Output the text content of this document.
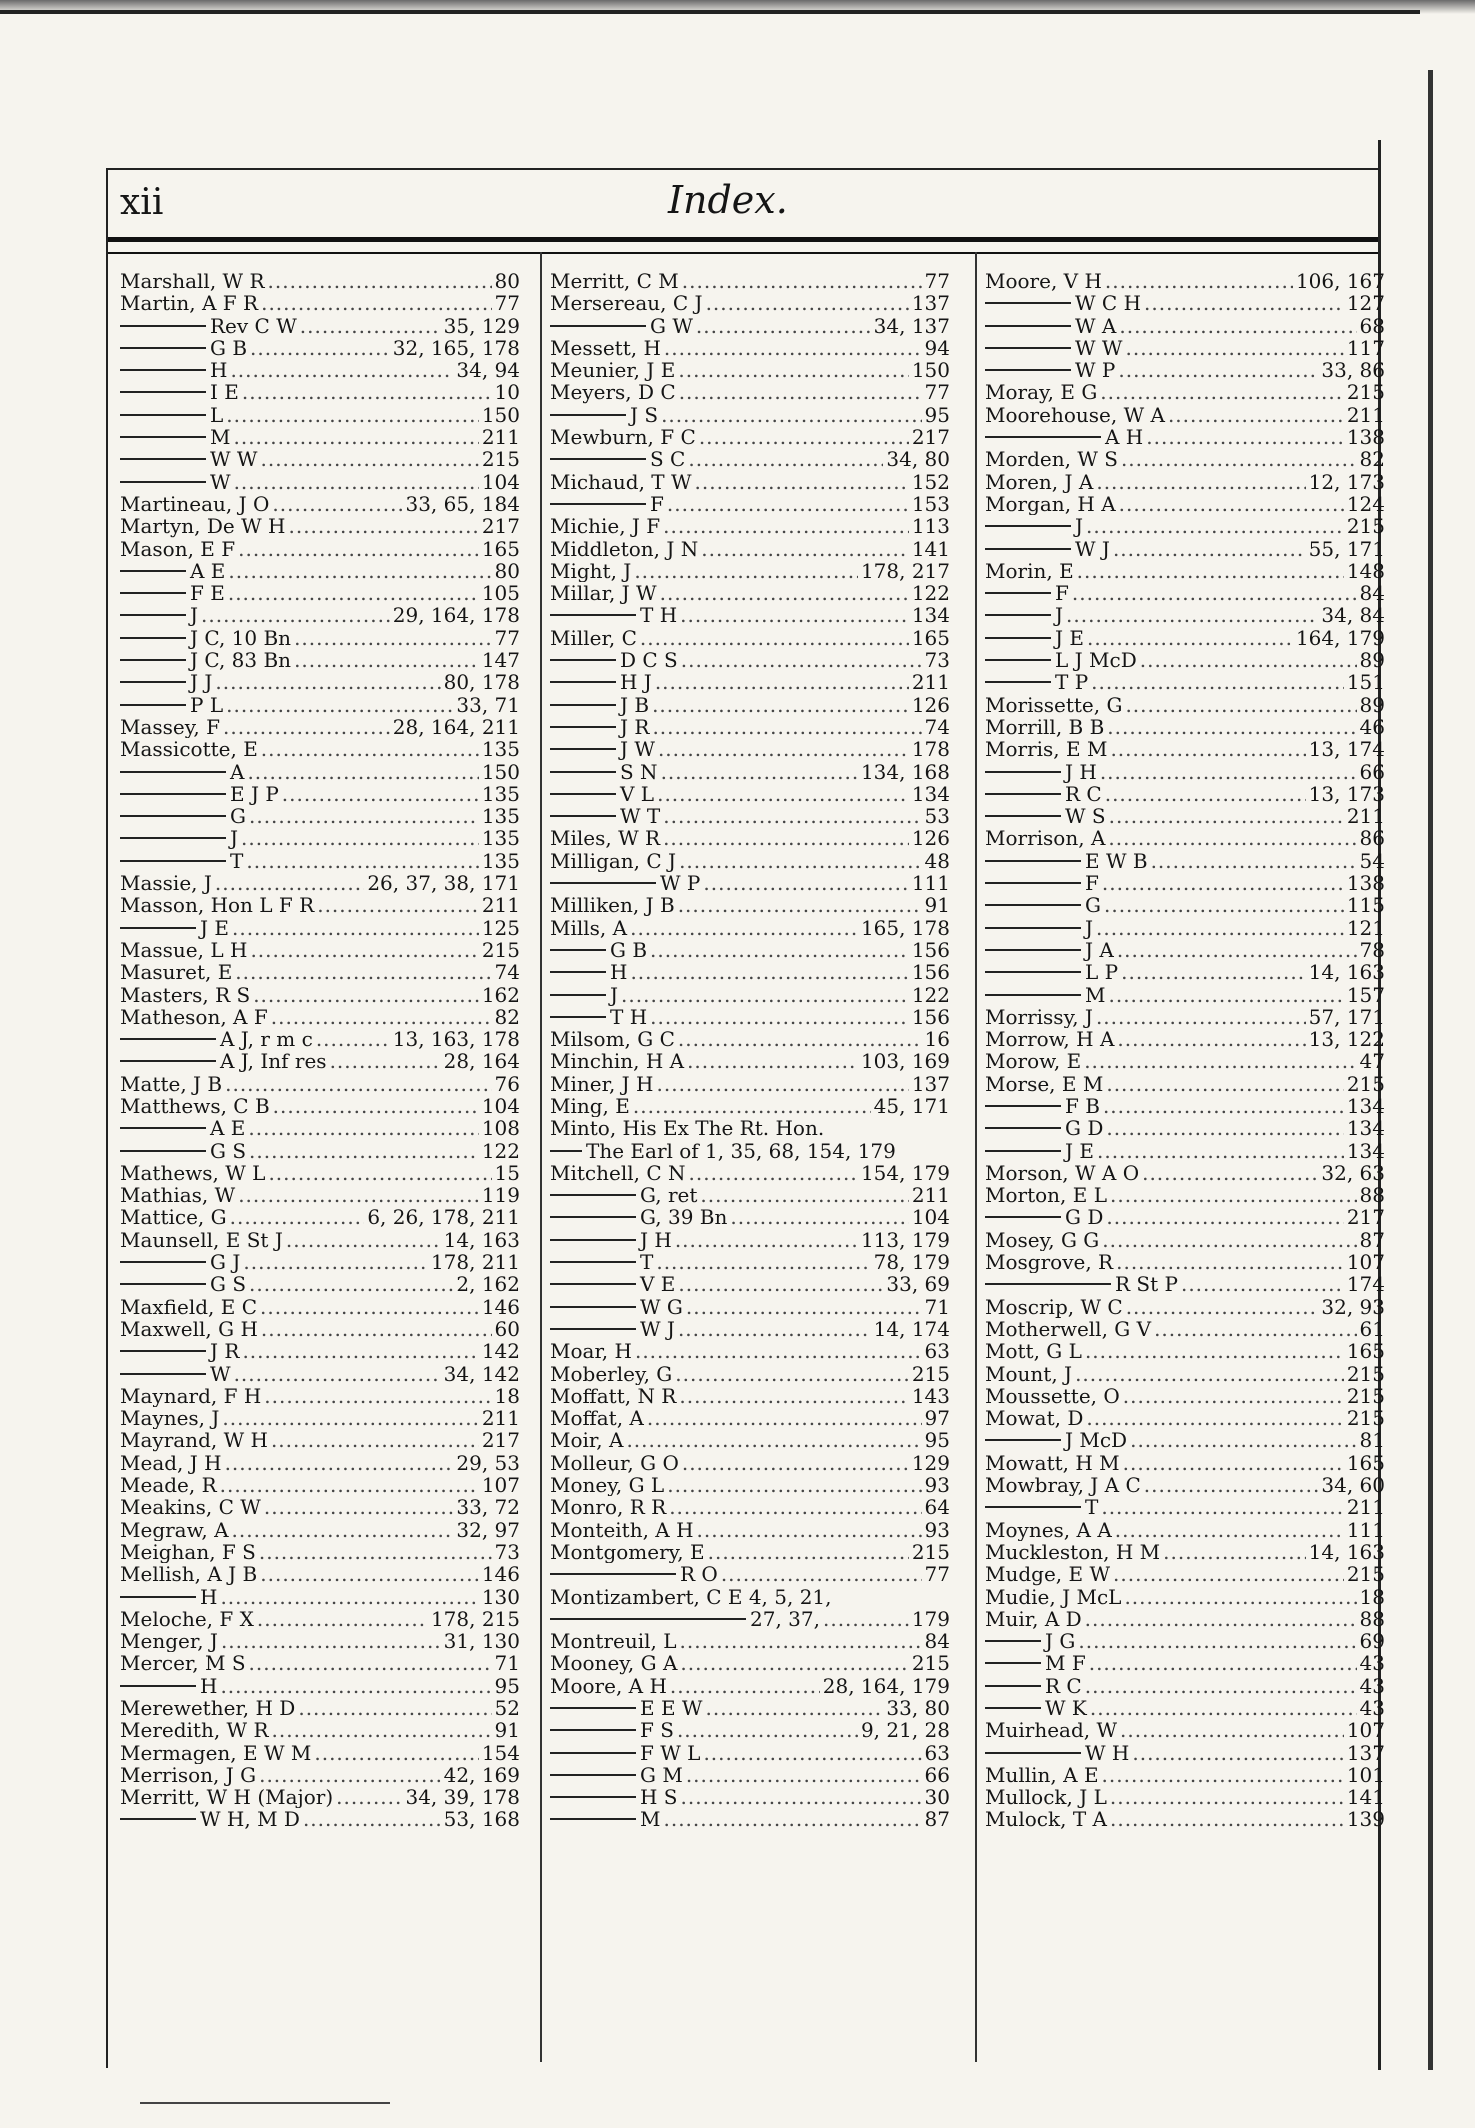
xii	Index.
Marshall, W R .....	80
Martin, A F R .....	77
Rev C W .....	35, 129
G B .....	32, 165, 178
H .....	34, 94
I E .....	10
L .....	150
M .....	211
W W .....	215
W .....	104
Martineau, J O .....	33, 65, 184
Martyn, De W H .....	217
Mason, E F .....	165
A E .....	80
F E .....	105
J .....	29, 164, 178
J C, 10 Bn .....	77
J C, 83 Bn .....	147
J J .....	80, 178
P L .....	33, 71
Massey, F .....	28, 164, 211
Massicotte, E .....	135
A .....	150
E J P .....	135
G .....	135
J .....	135
T .....	135
Massie, J .....	26, 37, 38, 171
Masson, Hon L F R .....	211
J E .....	125
Massue, L H .....	215
Masuret, E .....	74
Masters, R S .....	162
Matheson, A F .....	82
A J, r m c .....	13, 163, 178
A J, Inf res .....	28, 164
Matte, J B .....	76
Matthews, C B .....	104
A E .....	108
G S .....	122
Mathews, W L .....	15
Mathias, W .....	119
Mattice, G .....	6, 26, 178, 211
Maunsell, E St J .....	14, 163
G J .....	178, 211
G S .....	2, 162
Maxfield, E C .....	146
Maxwell, G H .....	60
J R .....	142
W .....	34, 142
Maynard, F H .....	18
Maynes, J .....	211
Mayrand, W H .....	217
Mead, J H .....	29, 53
Meade, R .....	107
Meakins, C W .....	33, 72
Megraw, A .....	32, 97
Meighan, F S .....	73
Mellish, A J B .....	146
H .....	130
Meloche, F X .....	178, 215
Menger, J .....	31, 130
Mercer, M S .....	71
H .....	95
Merewether, H D .....	52
Meredith, W R .....	91
Mermagen, E W M .....	154
Merrison, J G .....	42, 169
Merritt, W H (Major) .....	34, 39, 178
W H, M D .....	53, 168
Merritt, C M .....	77
Mersereau, C J .....	137
G W .....	34, 137
Messett, H .....	94
Meunier, J E .....	150
Meyers, D C .....	77
J S .....	95
Mewburn, F C .....	217
S C .....	34, 80
Michaud, T W .....	152
F .....	153
Michie, J F .....	113
Middleton, J N .....	141
Might, J .....	178, 217
Millar, J W .....	122
T H .....	134
Miller, C .....	165
D C S .....	73
H J .....	211
J B .....	126
J R .....	74
J W .....	178
S N .....	134, 168
V L .....	134
W T .....	53
Miles, W R .....	126
Milligan, C J .....	48
W P .....	111
Milliken, J B .....	91
Mills, A .....	165, 178
G B .....	156
H .....	156
J .....	122
T H .....	156
Milsom, G C .....	16
Minchin, H A .....	103, 169
Miner, J H .....	137
Ming, E .....	45, 171
Minto, His Ex The Rt. Hon.
The Earl of 1, 35, 68, 154, 179
Mitchell, C N .....	154, 179
G, ret .....	211
G, 39 Bn .....	104
J H .....	113, 179
T .....	78, 179
V E .....	33, 69
W G .....	71
W J .....	14, 174
Moar, H .....	63
Moberley, G .....	215
Moffatt, N R .....	143
Moffat, A .....	97
Moir, A .....	95
Molleur, G O .....	129
Money, G L .....	93
Monro, R R .....	64
Monteith, A H .....	93
Montgomery, E .....	215
R O .....	77
Montizambert, C E 4, 5, 21,
27, 37, .....	179
Montreuil, L .....	84
Mooney, G A .....	215
Moore, A H .....	28, 164, 179
E E W .....	33, 80
F S .....	9, 21, 28
F W L .....	63
G M .....	66
H S .....	30
M .....	87
Moore, V H .....	106, 167
W C H .....	127
W A .....	68
W W .....	117
W P .....	33, 86
Moray, E G .....	215
Moorehouse, W A .....	211
A H .....	138
Morden, W S .....	82
Moren, J A .....	12, 173
Morgan, H A .....	124
J .....	215
W J .....	55, 171
Morin, E .....	148
F .....	84
J .....	34, 84
J E .....	164, 179
L J McD .....	89
T P .....	151
Morissette, G .....	89
Morrill, B B .....	46
Morris, E M .....	13, 174
J H .....	66
R C .....	13, 173
W S .....	211
Morrison, A .....	86
E W B .....	54
F .....	138
G .....	115
J .....	121
J A .....	78
L P .....	14, 163
M .....	157
Morrissy, J .....	57, 171
Morrow, H A .....	13, 122
Morow, E .....	47
Morse, E M .....	215
F B .....	134
G D .....	134
J E .....	134
Morson, W A O .....	32, 63
Morton, E L .....	88
G D .....	217
Mosey, G G .....	87
Mosgrove, R .....	107
R St P .....	174
Moscrip, W C .....	32, 93
Motherwell, G V .....	61
Mott, G L .....	165
Mount, J .....	215
Moussette, O .....	215
Mowat, D .....	215
J McD .....	81
Mowatt, H M .....	165
Mowbray, J A C .....	34, 60
T .....	211
Moynes, A A .....	111
Muckleston, H M .....	14, 163
Mudge, E W .....	215
Mudie, J McL .....	18
Muir, A D .....	88
J G .....	69
M F .....	43
R C .....	43
W K .....	43
Muirhead, W .....	107
W H .....	137
Mullin, A E .....	101
Mullock, J L .....	141
Mulock, T A .....	139
